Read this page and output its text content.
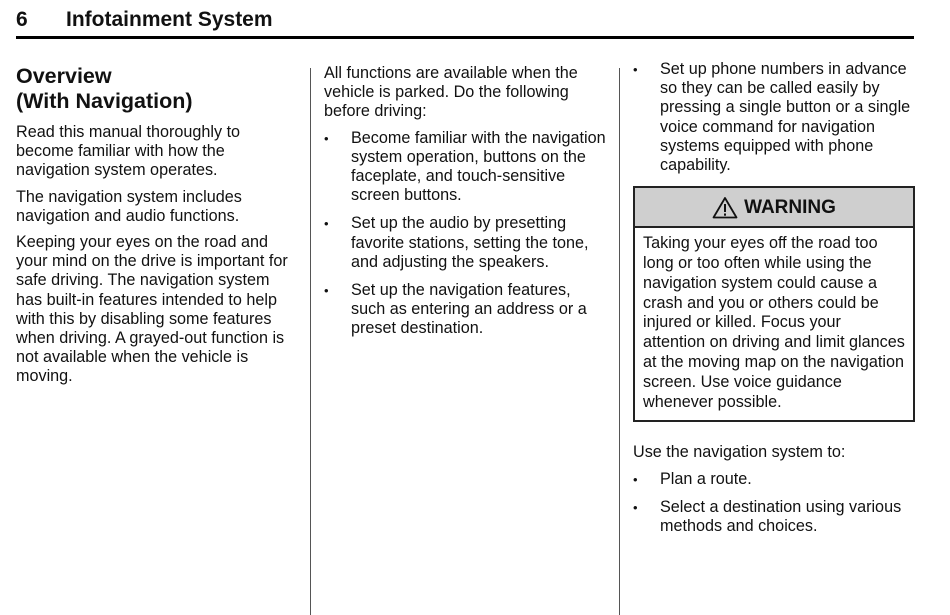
6	Infotainment System
Overview
(With Navigation)

Read this manual thoroughly to become familiar with how the navigation system operates.

The navigation system includes navigation and audio functions.

Keeping your eyes on the road and your mind on the drive is important for safe driving. The navigation system has built-in features intended to help with this by disabling some features when driving. A grayed-out function is not available when the vehicle is moving.

All functions are available when the vehicle is parked. Do the following before driving:

• Become familiar with the navigation system operation, buttons on the faceplate, and touch-sensitive screen buttons.
• Set up the audio by presetting favorite stations, setting the tone, and adjusting the speakers.
• Set up the navigation features, such as entering an address or a preset destination.
• Set up phone numbers in advance so they can be called easily by pressing a single button or a single voice command for navigation systems equipped with phone capability.
WARNING
Taking your eyes off the road too long or too often while using the navigation system could cause a crash and you or others could be injured or killed. Focus your attention on driving and limit glances at the moving map on the navigation screen. Use voice guidance whenever possible.

Use the navigation system to:

• Plan a route.
• Select a destination using various methods and choices.
